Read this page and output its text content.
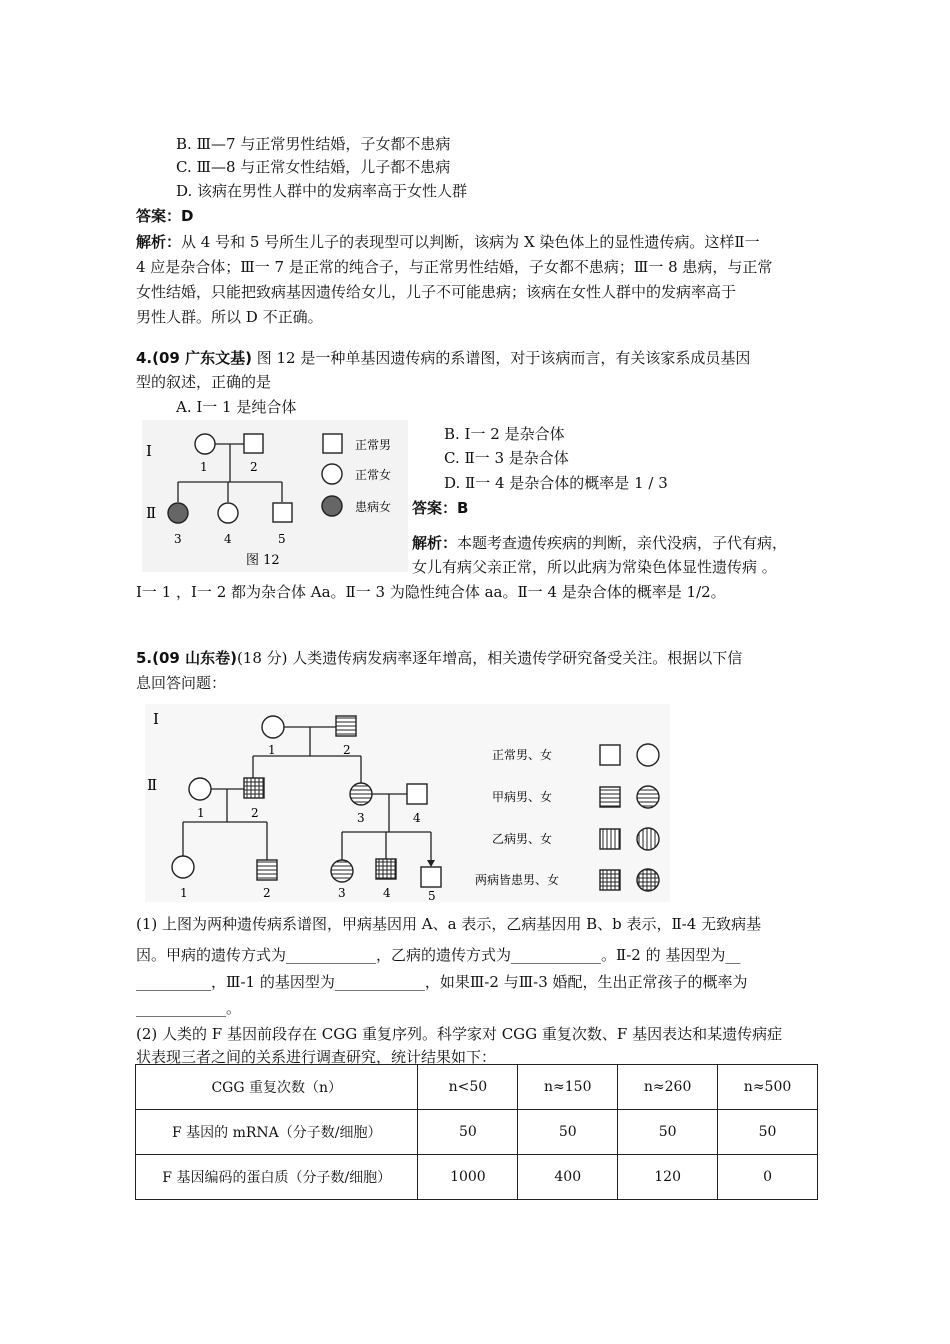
B. Ⅲ—7 与正常男性结婚，子女都不患病
C. Ⅲ—8 与正常女性结婚，儿子都不患病
D. 该病在男性人群中的发病率高于女性人群
答案：D
解析：从 4 号和 5 号所生儿子的表现型可以判断，该病为 X 染色体上的显性遗传病。这样Ⅱ一
4 应是杂合体；Ⅲ一 7 是正常的纯合子，与正常男性结婚，子女都不患病；Ⅲ一 8 患病，与正常
女性结婚，只能把致病基因遗传给女儿，儿子不可能患病；该病在女性人群中的发病率高于
男性人群。所以 D 不正确。
4.(09 广东文基) 图 12 是一种单基因遗传病的系谱图，对于该病而言，有关该家系成员基因
型的叙述，正确的是
A. Ⅰ一 1 是纯合体
Ⅰ
Ⅱ
1	2
3	4	5
正常男
正常女
患病女
图 12
B. Ⅰ一 2 是杂合体
C. Ⅱ一 3 是杂合体
D. Ⅱ一 4 是杂合体的概率是 1 / 3
答案：B
解析：本题考查遗传疾病的判断，亲代没病，子代有病，
女儿有病父亲正常，所以此病为常染色体显性遗传病 。
Ⅰ一 1 ，Ⅰ一 2 都为杂合体 Aa。Ⅱ一 3 为隐性纯合体 aa。Ⅱ一 4 是杂合体的概率是 1/2。
5.(09 山东卷)(18 分) 人类遗传病发病率逐年增高，相关遗传学研究备受关注。根据以下信
息回答问题：
Ⅰ
Ⅱ
1	2
1	2	3	4
1	2	3	4	5
正常男、女
甲病男、女
乙病男、女
两病皆患男、女
(1) 上图为两种遗传病系谱图，甲病基因用 A、a 表示，乙病基因用 B、b 表示，Ⅱ-4 无致病基
因。甲病的遗传方式为____________，乙病的遗传方式为____________。Ⅱ-2 的 基因型为__
__________，Ⅲ-1 的基因型为____________，如果Ⅲ-2 与Ⅲ-3 婚配，生出正常孩子的概率为
____________。
(2) 人类的 F 基因前段存在 CGG 重复序列。科学家对 CGG 重复次数、F 基因表达和某遗传病症
状表现三者之间的关系进行调查研究，统计结果如下：
CGG 重复次数（n）	n<50	n≈150	n≈260	n≈500
F 基因的 mRNA（分子数/细胞）	50	50	50	50
F 基因编码的蛋白质（分子数/细胞）	1000	400	120	0
